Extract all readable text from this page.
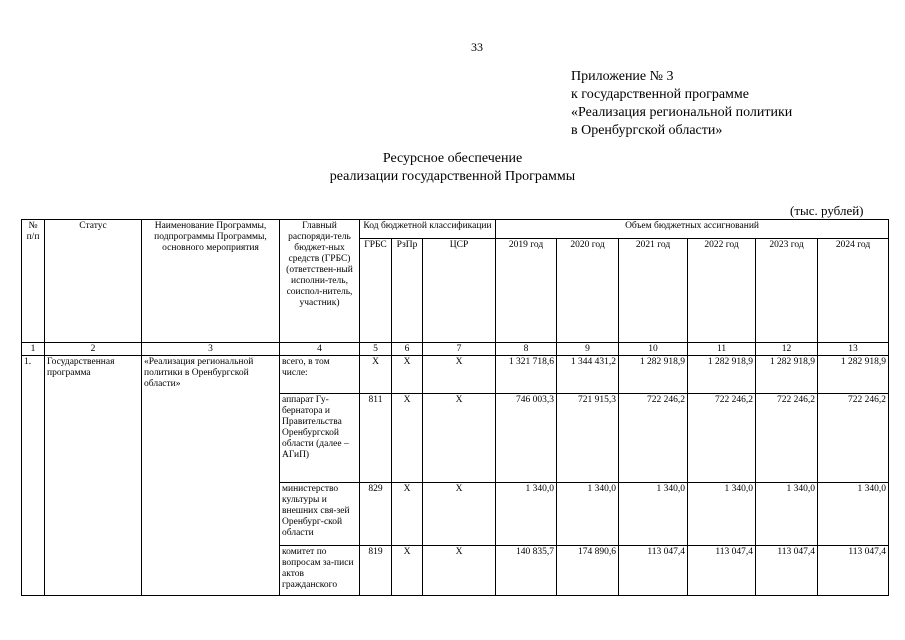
33
Приложение № 3
к государственной программе
«Реализация региональной политики
в Оренбургской области»
Ресурсное обеспечение
реализации государственной Программы
(тыс. рублей)
№ п/п	Статус	Наименование Программы, подпрограммы Программы, основного мероприятия	Главный распоряди-тель бюджет-ных средств (ГРБС) (ответствен-ный исполни-тель, соиспол-нитель, участник)	Код бюджетной классификации			Объем бюджетных ассигнований					
				ГРБС	РзПр	ЦСР	2019 год	2020 год	2021 год	2022 год	2023 год	2024 год
1	2	3	4	5	6	7	8	9	10	11	12	13
1.	Государственная программа	«Реализация региональной политики в Оренбургской области»	всего, в том числе:	Х	Х	Х	1 321 718,6	1 344 431,2	1 282 918,9	1 282 918,9	1 282 918,9	1 282 918,9
			аппарат Гу-бернатора и Правительства Оренбургской области (далее – АГиП)	811	Х	Х	746 003,3	721 915,3	722 246,2	722 246,2	722 246,2	722 246,2
			министерство культуры и внешних свя-зей Оренбург-ской области	829	Х	Х	1 340,0	1 340,0	1 340,0	1 340,0	1 340,0	1 340,0
			комитет по вопросам за-писи актов гражданского	819	Х	Х	140 835,7	174 890,6	113 047,4	113 047,4	113 047,4	113 047,4
